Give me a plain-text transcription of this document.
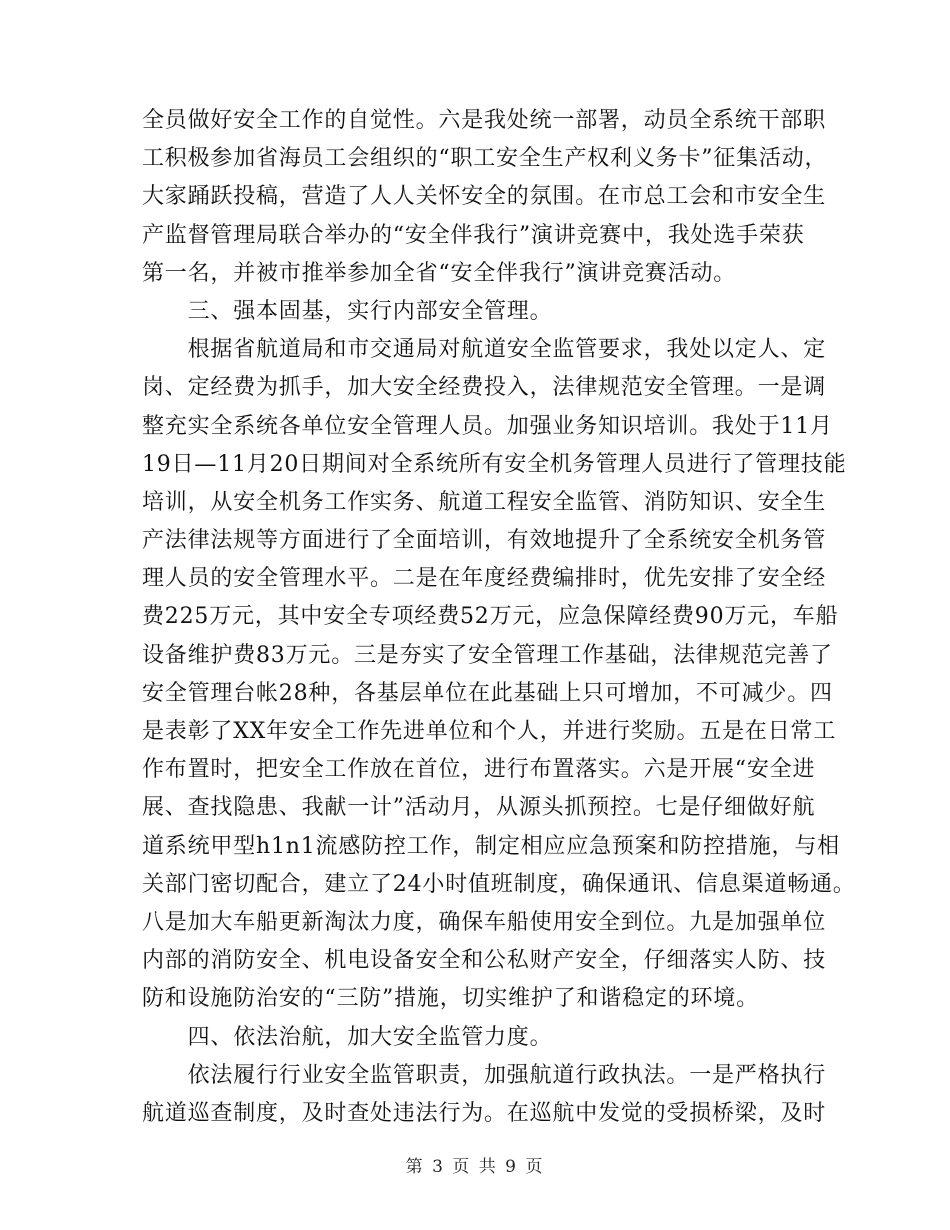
全员做好安全工作的自觉性。六是我处统一部署，动员全系统干部职
工积极参加省海员工会组织的“职工安全生产权利义务卡”征集活动，
大家踊跃投稿，营造了人人关怀安全的氛围。在市总工会和市安全生
产监督管理局联合举办的“安全伴我行”演讲竞赛中，我处选手荣获
第一名，并被市推举参加全省“安全伴我行”演讲竞赛活动。
　　三、强本固基，实行内部安全管理。
　　根据省航道局和市交通局对航道安全监管要求，我处以定人、定
岗、定经费为抓手，加大安全经费投入，法律规范安全管理。一是调
整充实全系统各单位安全管理人员。加强业务知识培训。我处于11月
19日—11月20日期间对全系统所有安全机务管理人员进行了管理技能
培训，从安全机务工作实务、航道工程安全监管、消防知识、安全生
产法律法规等方面进行了全面培训，有效地提升了全系统安全机务管
理人员的安全管理水平。二是在年度经费编排时，优先安排了安全经
费225万元，其中安全专项经费52万元，应急保障经费90万元，车船
设备维护费83万元。三是夯实了安全管理工作基础，法律规范完善了
安全管理台帐28种，各基层单位在此基础上只可增加，不可减少。四
是表彰了XX年安全工作先进单位和个人，并进行奖励。五是在日常工
作布置时，把安全工作放在首位，进行布置落实。六是开展“安全进
展、查找隐患、我献一计”活动月，从源头抓预控。七是仔细做好航
道系统甲型h1n1流感防控工作，制定相应应急预案和防控措施，与相
关部门密切配合，建立了24小时值班制度，确保通讯、信息渠道畅通。
八是加大车船更新淘汰力度，确保车船使用安全到位。九是加强单位
内部的消防安全、机电设备安全和公私财产安全，仔细落实人防、技
防和设施防治安的“三防”措施，切实维护了和谐稳定的环境。
　　四、依法治航，加大安全监管力度。
　　依法履行行业安全监管职责，加强航道行政执法。一是严格执行
航道巡查制度，及时查处违法行为。在巡航中发觉的受损桥梁，及时
第 3 页 共 9 页
